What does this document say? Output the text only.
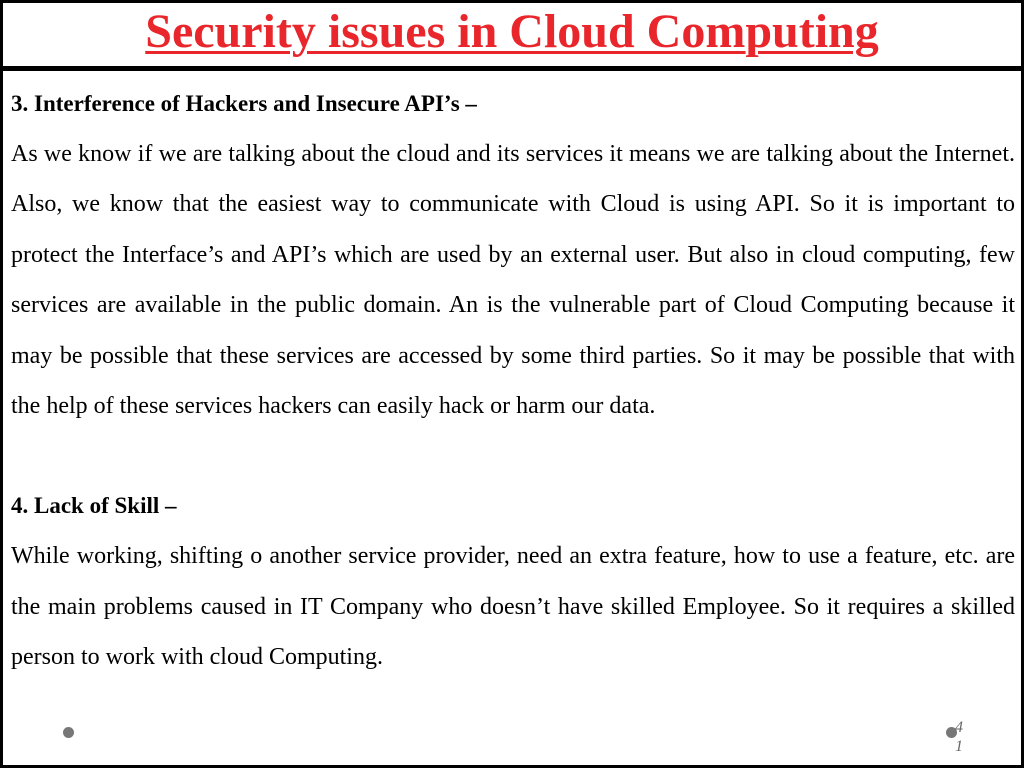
Security issues in Cloud Computing

3. Interference of Hackers and Insecure API’s –

As we know if we are talking about the cloud and its services it means we are talking about the Internet. Also, we know that the easiest way to communicate with Cloud is using API. So it is important to protect the Interface’s and API’s which are used by an external user. But also in cloud computing, few services are available in the public domain. An is the vulnerable part of Cloud Computing because it may be possible that these services are accessed by some third parties. So it may be possible that with the help of these services hackers can easily hack or harm our data.

4. Lack of Skill –

While working, shifting o another service provider, need an extra feature, how to use a feature, etc. are the main problems caused in IT Company who doesn’t have skilled Employee. So it requires a skilled person to work with cloud Computing.

41
